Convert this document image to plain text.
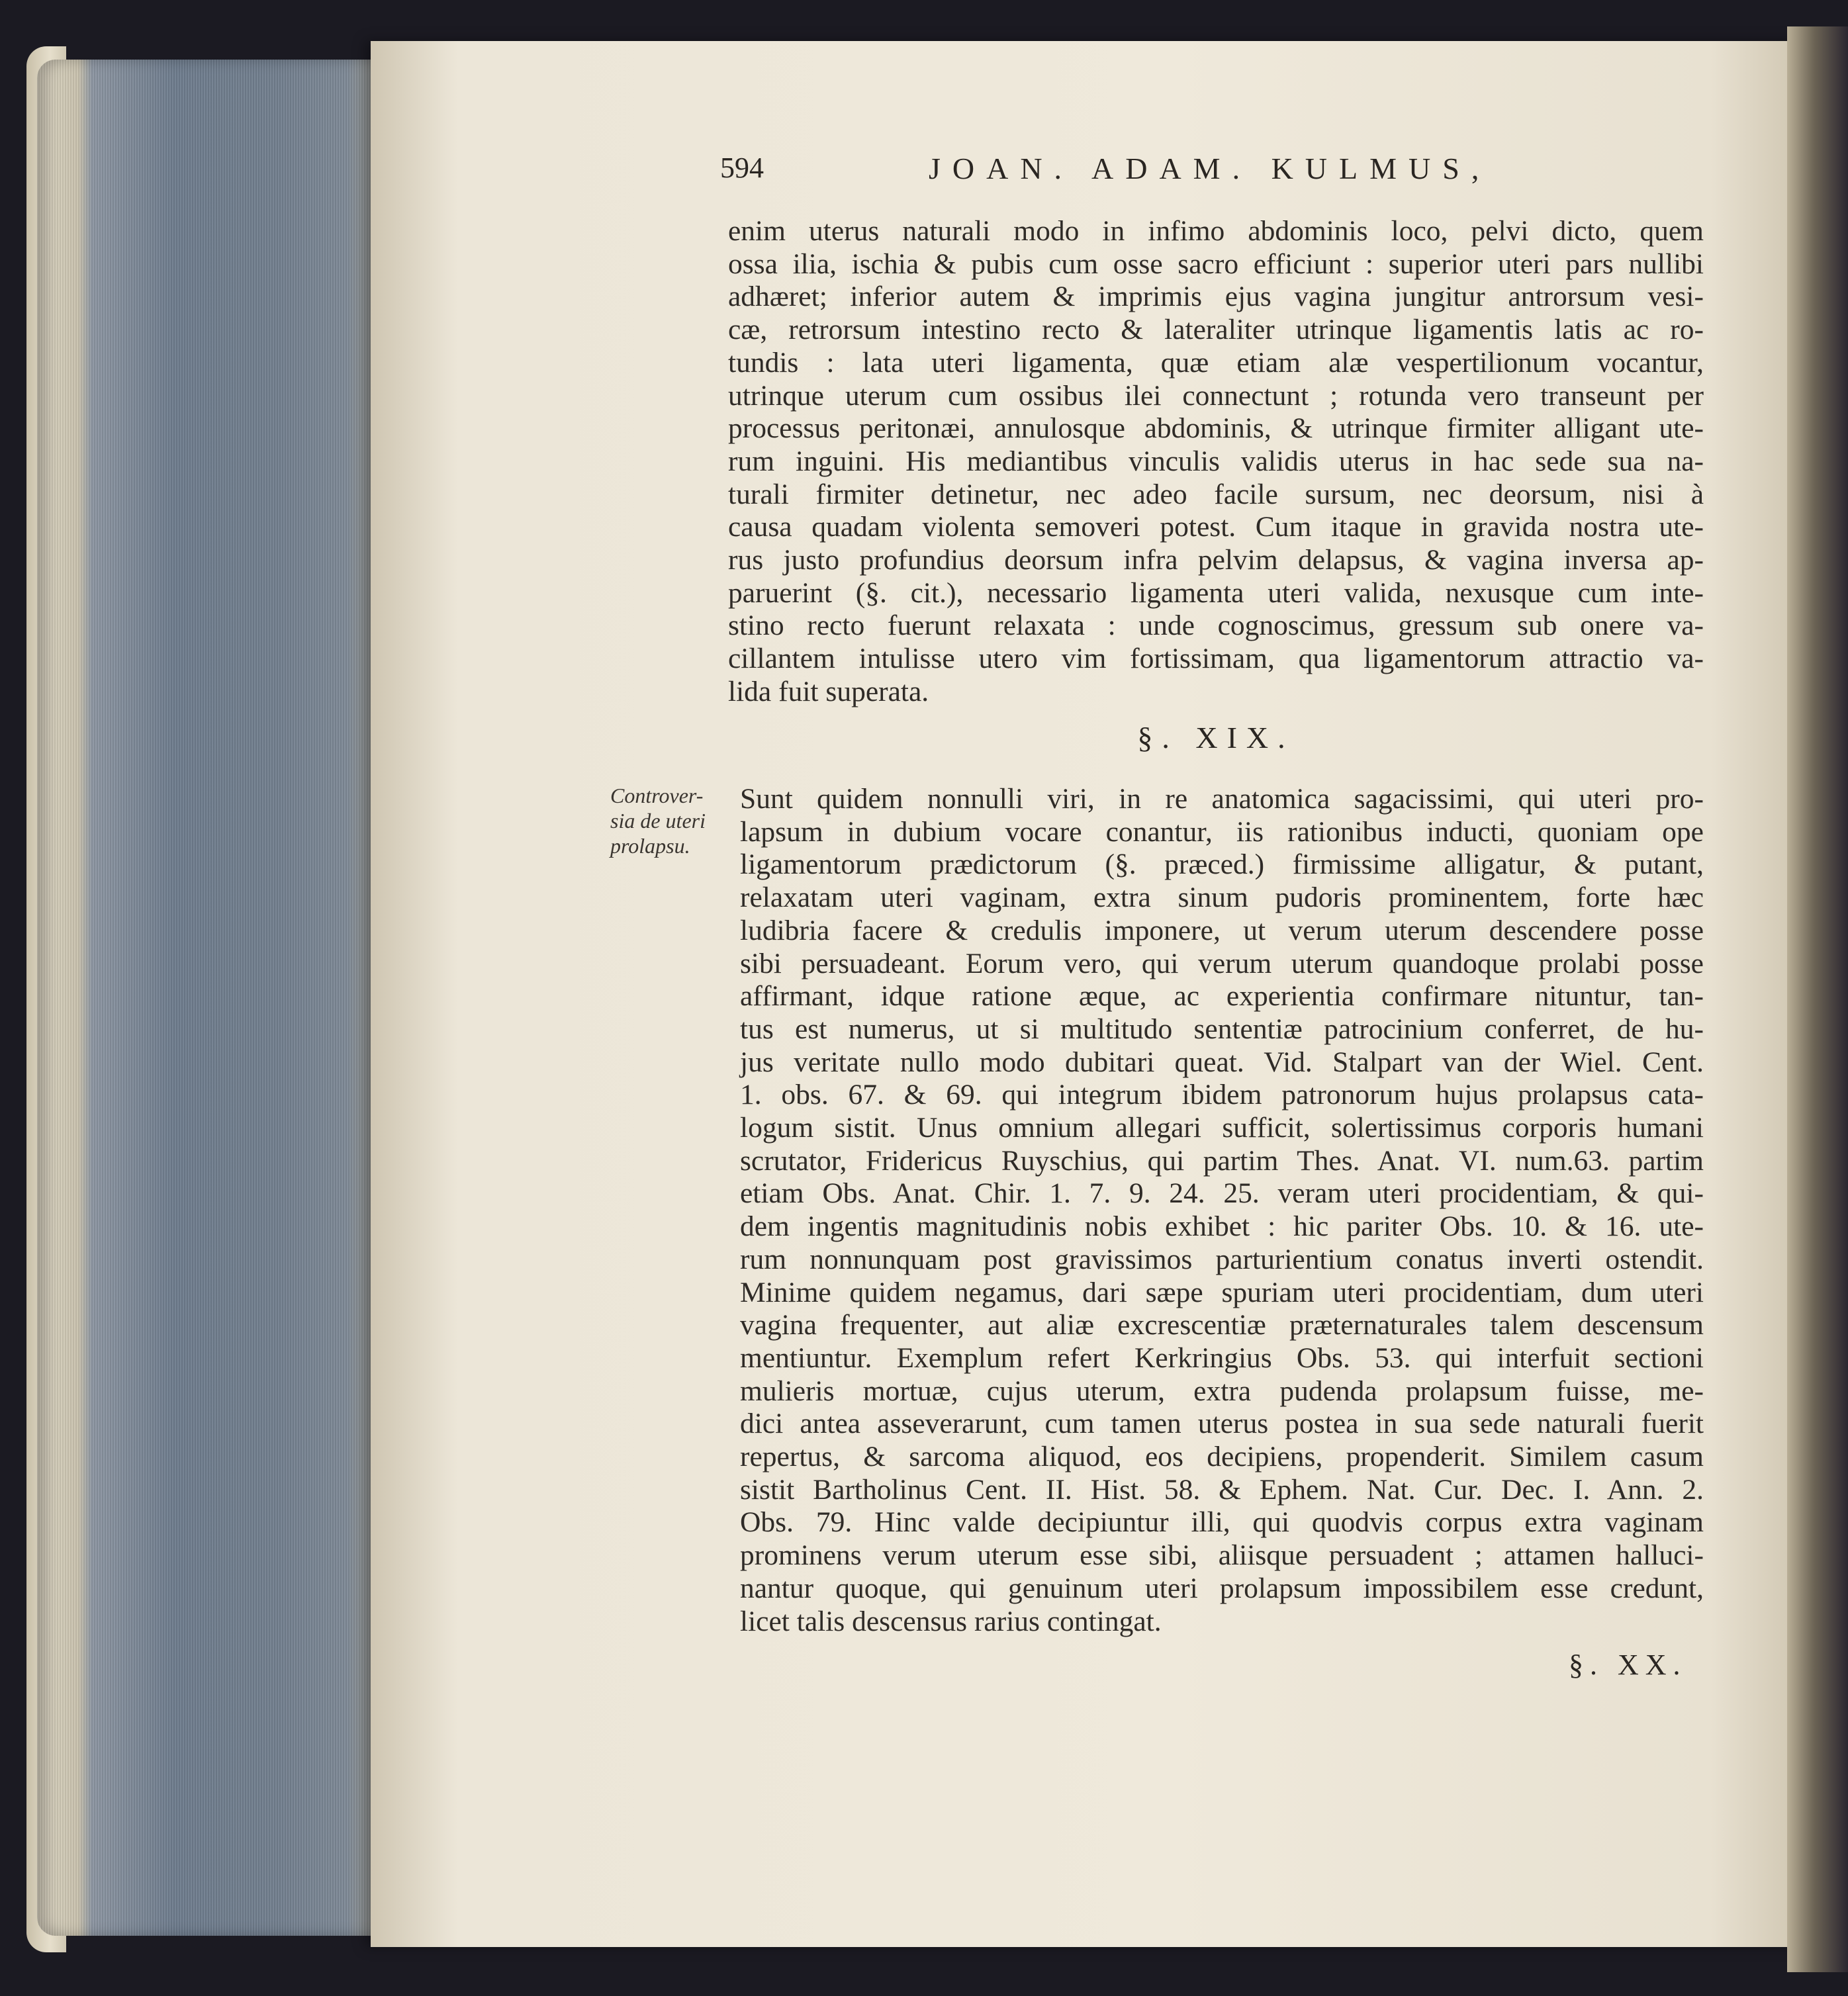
594	JOAN. ADAM. KULMUS,
enim uterus naturali modo in infimo abdominis loco, pelvi dicto, quem
ossa ilia, ischia & pubis cum osse sacro efficiunt : superior uteri pars nullibi
adhæret; inferior autem & imprimis ejus vagina jungitur antrorsum vesi-
cæ, retrorsum intestino recto & lateraliter utrinque ligamentis latis ac ro-
tundis : lata uteri ligamenta, quæ etiam alæ vespertilionum vocantur,
utrinque uterum cum ossibus ilei connectunt ; rotunda vero transeunt per
processus peritonæi, annulosque abdominis, & utrinque firmiter alligant ute-
rum inguini. His mediantibus vinculis validis uterus in hac sede sua na-
turali firmiter detinetur, nec adeo facile sursum, nec deorsum, nisi à
causa quadam violenta semoveri potest. Cum itaque in gravida nostra ute-
rus justo profundius deorsum infra pelvim delapsus, & vagina inversa ap-
paruerint (§. cit.), necessario ligamenta uteri valida, nexusque cum inte-
stino recto fuerunt relaxata : unde cognoscimus, gressum sub onere va-
cillantem intulisse utero vim fortissimam, qua ligamentorum attractio va-
lida fuit superata.
§. XIX.
Controver-
sia de uteri
prolapsu.
Sunt quidem nonnulli viri, in re anatomica sagacissimi, qui uteri pro-
lapsum in dubium vocare conantur, iis rationibus inducti, quoniam ope
ligamentorum prædictorum (§. præced.) firmissime alligatur, & putant,
relaxatam uteri vaginam, extra sinum pudoris prominentem, forte hæc
ludibria facere & credulis imponere, ut verum uterum descendere posse
sibi persuadeant. Eorum vero, qui verum uterum quandoque prolabi posse
affirmant, idque ratione æque, ac experientia confirmare nituntur, tan-
tus est numerus, ut si multitudo sententiæ patrocinium conferret, de hu-
jus veritate nullo modo dubitari queat. Vid. Stalpart van der Wiel. Cent.
1. obs. 67. & 69. qui integrum ibidem patronorum hujus prolapsus cata-
logum sistit. Unus omnium allegari sufficit, solertissimus corporis humani
scrutator, Fridericus Ruyschius, qui partim Thes. Anat. VI. num.63. partim
etiam Obs. Anat. Chir. 1. 7. 9. 24. 25. veram uteri procidentiam, & qui-
dem ingentis magnitudinis nobis exhibet : hic pariter Obs. 10. & 16. ute-
rum nonnunquam post gravissimos parturientium conatus inverti ostendit.
Minime quidem negamus, dari sæpe spuriam uteri procidentiam, dum uteri
vagina frequenter, aut aliæ excrescentiæ præternaturales talem descensum
mentiuntur. Exemplum refert Kerkringius Obs. 53. qui interfuit sectioni
mulieris mortuæ, cujus uterum, extra pudenda prolapsum fuisse, me-
dici antea asseverarunt, cum tamen uterus postea in sua sede naturali fuerit
repertus, & sarcoma aliquod, eos decipiens, propenderit. Similem casum
sistit Bartholinus Cent. II. Hist. 58. & Ephem. Nat. Cur. Dec. I. Ann. 2.
Obs. 79. Hinc valde decipiuntur illi, qui quodvis corpus extra vaginam
prominens verum uterum esse sibi, aliisque persuadent ; attamen halluci-
nantur quoque, qui genuinum uteri prolapsum impossibilem esse credunt,
licet talis descensus rarius contingat.
§. XX.
